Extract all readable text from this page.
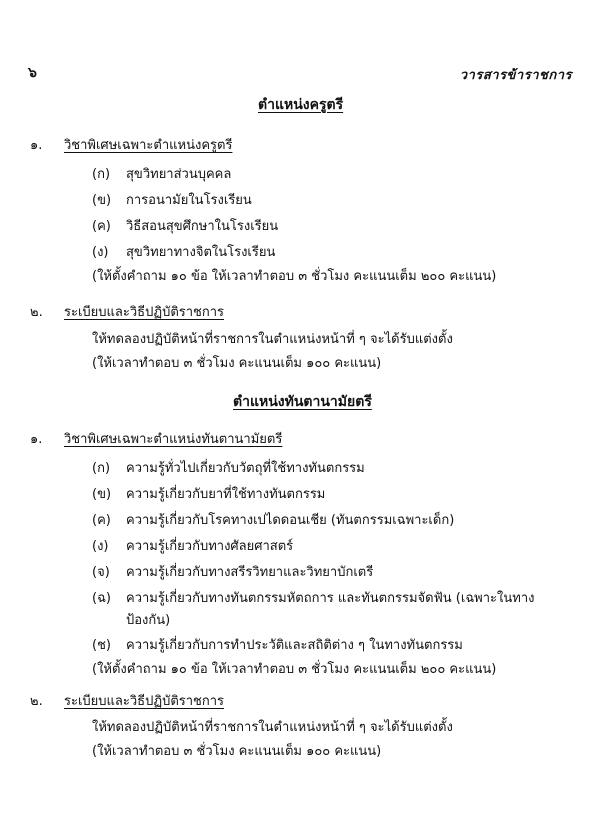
๖	วารสารข้าราชการ
ตำแหน่งครูตรี
๑. วิชาพิเศษเฉพาะตำแหน่งครูตรี
(ก) สุขวิทยาส่วนบุคคล
(ข) การอนามัยในโรงเรียน
(ค) วิธีสอนสุขศึกษาในโรงเรียน
(ง) สุขวิทยาทางจิตในโรงเรียน
(ให้ตั้งคำถาม ๑๐ ข้อ ให้เวลาทำตอบ ๓ ชั่วโมง คะแนนเต็ม ๒๐๐ คะแนน)
๒. ระเบียบและวิธีปฏิบัติราชการ
ให้ทดลองปฏิบัติหน้าที่ราชการในตำแหน่งหน้าที่ ๆ จะได้รับแต่งตั้ง
(ให้เวลาทำตอบ ๓ ชั่วโมง คะแนนเต็ม ๑๐๐ คะแนน)
ตำแหน่งทันตานามัยตรี
๑. วิชาพิเศษเฉพาะตำแหน่งทันตานามัยตรี
(ก) ความรู้ทั่วไปเกี่ยวกับวัตถุที่ใช้ทางทันตกรรม
(ข) ความรู้เกี่ยวกับยาที่ใช้ทางทันตกรรม
(ค) ความรู้เกี่ยวกับโรคทางเปไดดอนเชีย (ทันตกรรมเฉพาะเด็ก)
(ง) ความรู้เกี่ยวกับทางศัลยศาสตร์
(จ) ความรู้เกี่ยวกับทางสรีรวิทยาและวิทยาบักเตรี
(ฉ) ความรู้เกี่ยวกับทางทันตกรรมหัตถการ และทันตกรรมจัดฟัน (เฉพาะในทาง
ป้องกัน)
(ช) ความรู้เกี่ยวกับการทำประวัติและสถิติต่าง ๆ ในทางทันตกรรม
(ให้ตั้งคำถาม ๑๐ ข้อ ให้เวลาทำตอบ ๓ ชั่วโมง คะแนนเต็ม ๒๐๐ คะแนน)
๒. ระเบียบและวิธีปฏิบัติราชการ
ให้ทดลองปฏิบัติหน้าที่ราชการในตำแหน่งหน้าที่ ๆ จะได้รับแต่งตั้ง
(ให้เวลาทำตอบ ๓ ชั่วโมง คะแนนเต็ม ๑๐๐ คะแนน)
